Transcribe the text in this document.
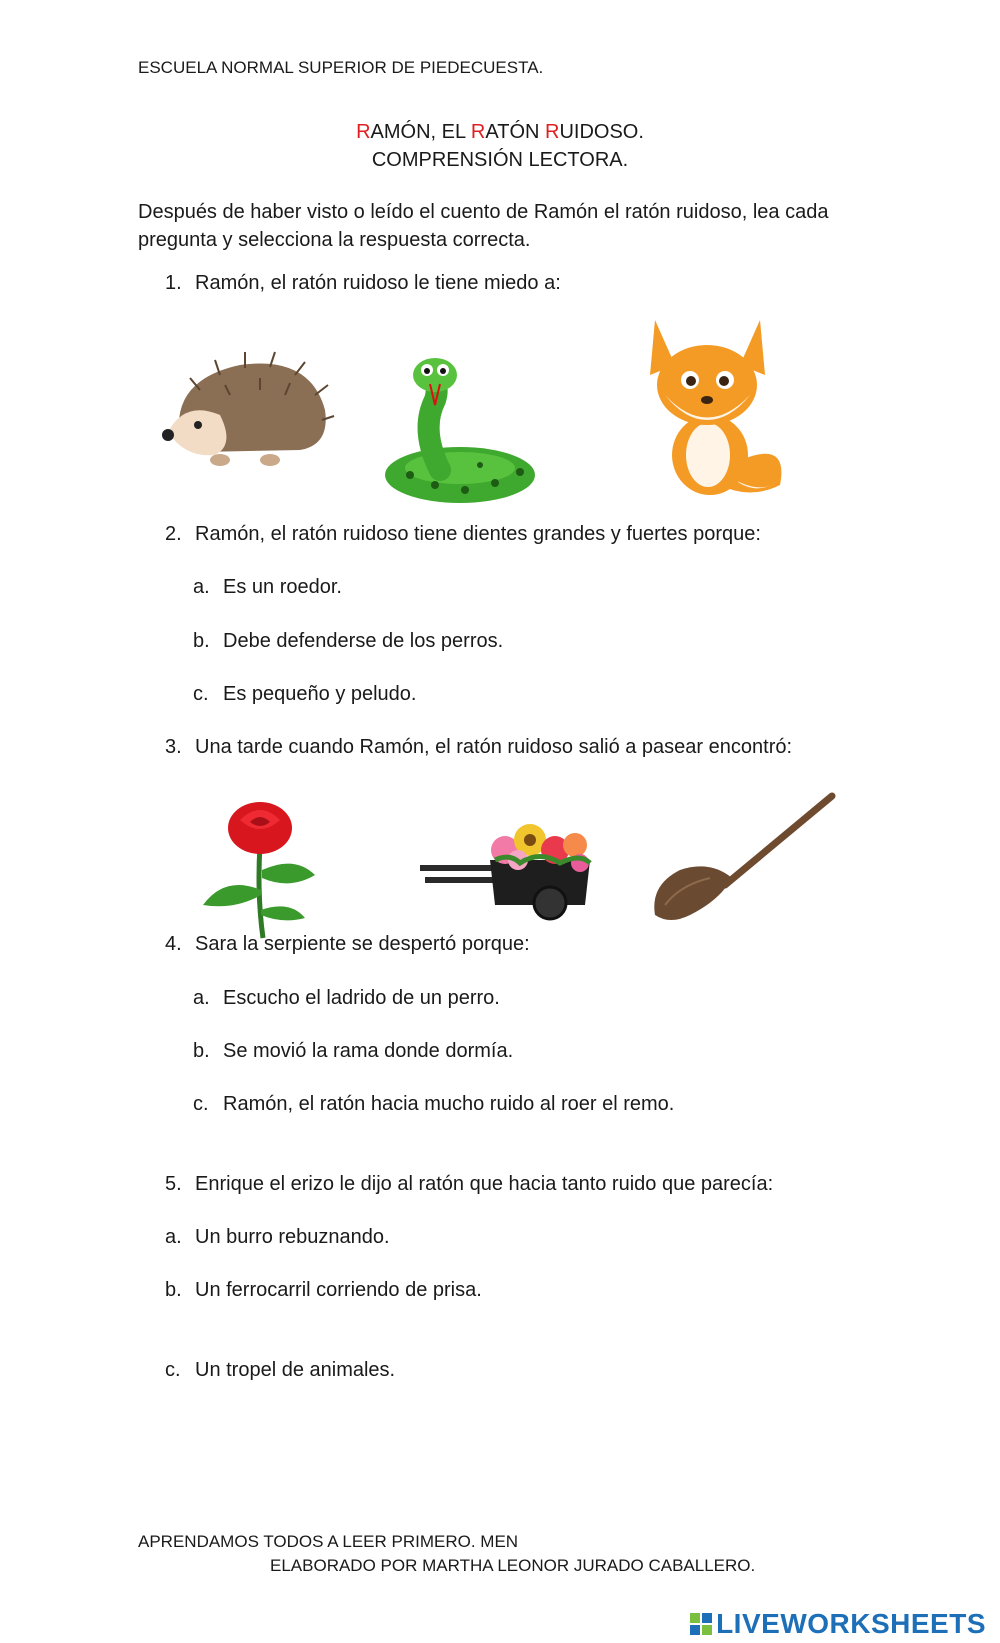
ESCUELA NORMAL SUPERIOR DE PIEDECUESTA.
RAMÓN, EL RATÓN RUIDOSO.
COMPRENSIÓN LECTORA.
Después de haber visto o leído el cuento de Ramón el ratón ruidoso, lea cada pregunta y selecciona la respuesta correcta.
1. Ramón, el ratón ruidoso le tiene miedo a:
2. Ramón, el ratón ruidoso tiene dientes grandes y fuertes porque:
a. Es un roedor.
b. Debe defenderse de los perros.
c. Es pequeño y peludo.
3. Una tarde cuando Ramón, el ratón ruidoso salió a pasear encontró:
4. Sara la serpiente se despertó porque:
a. Escucho el ladrido de un perro.
b. Se movió la rama donde dormía.
c. Ramón, el ratón hacia mucho ruido al roer el remo.
5. Enrique el erizo le dijo al ratón que hacia tanto ruido que parecía:
a. Un burro rebuznando.
b. Un ferrocarril corriendo de prisa.
c. Un tropel de animales.
APRENDAMOS TODOS A LEER PRIMERO. MEN
ELABORADO POR MARTHA LEONOR JURADO CABALLERO.
LIVEWORKSHEETS
